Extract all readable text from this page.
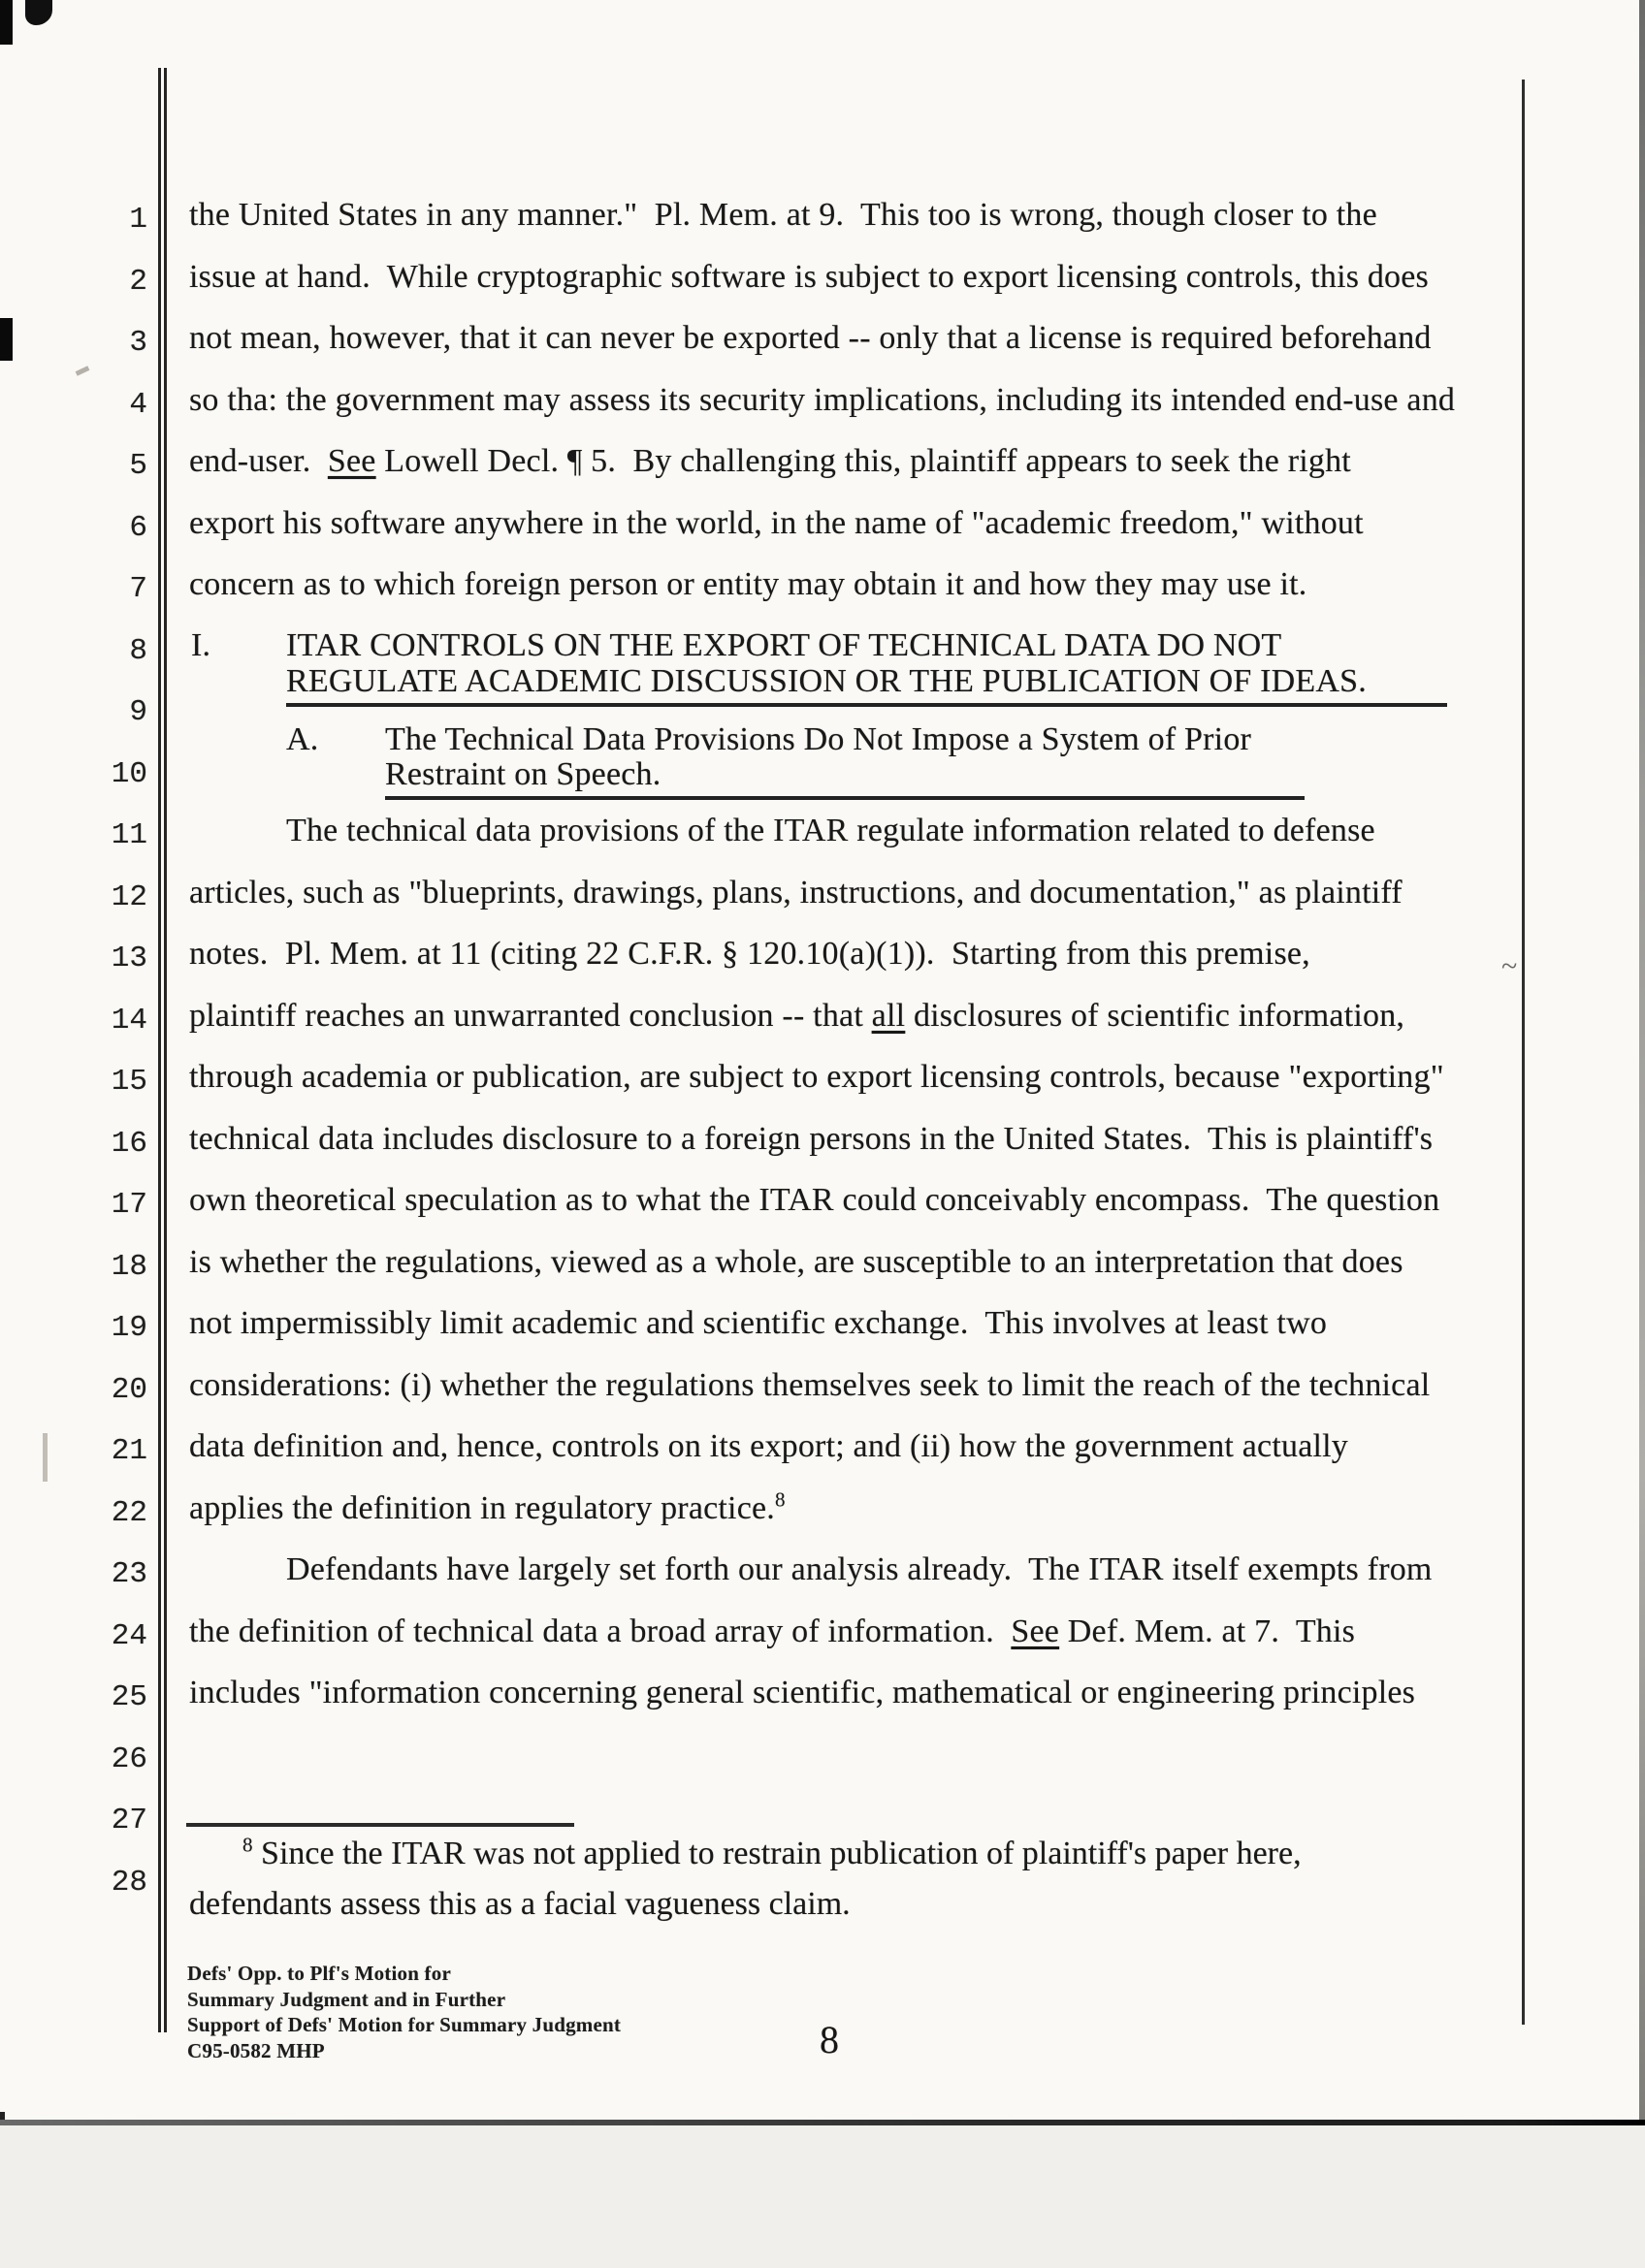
~
1
2
3
4
5
6
7
8
9
10
11
12
13
14
15
16
17
18
19
20
21
22
23
24
25
26
27
28
the United States in any manner."  Pl. Mem. at 9.  This too is wrong, though closer to the
issue at hand.  While cryptographic software is subject to export licensing controls, this does
not mean, however, that it can never be exported -- only that a license is required beforehand
so tha: the government may assess its security implications, including its intended end-use and
end-user.  See Lowell Decl. ¶ 5.  By challenging this, plaintiff appears to seek the right
export his software anywhere in the world, in the name of "academic freedom," without
concern as to which foreign person or entity may obtain it and how they may use it.
The technical data provisions of the ITAR regulate information related to defense
articles, such as "blueprints, drawings, plans, instructions, and documentation," as plaintiff
notes.  Pl. Mem. at 11 (citing 22 C.F.R. § 120.10(a)(1)).  Starting from this premise,
plaintiff reaches an unwarranted conclusion -- that all disclosures of scientific information,
through academia or publication, are subject to export licensing controls, because "exporting"
technical data includes disclosure to a foreign persons in the United States.  This is plaintiff's
own theoretical speculation as to what the ITAR could conceivably encompass.  The question
is whether the regulations, viewed as a whole, are susceptible to an interpretation that does
not impermissibly limit academic and scientific exchange.  This involves at least two
considerations: (i) whether the regulations themselves seek to limit the reach of the technical
data definition and, hence, controls on its export; and (ii) how the government actually
applies the definition in regulatory practice.$^8$
Defendants have largely set forth our analysis already.  The ITAR itself exempts from
the definition of technical data a broad array of information.  See Def. Mem. at 7.  This
includes "information concerning general scientific, mathematical or engineering principles
I. ITAR CONTROLS ON THE EXPORT OF TECHNICAL DATA DO NOT
REGULATE ACADEMIC DISCUSSION OR THE PUBLICATION OF IDEAS.
A. The Technical Data Provisions Do Not Impose a System of Prior
Restraint on Speech.
$^8$ Since the ITAR was not applied to restrain publication of plaintiff's paper here,
defendants assess this as a facial vagueness claim.
Defs' Opp. to Plf's Motion for
Summary Judgment and in Further
Support of Defs' Motion for Summary Judgment
C95-0582 MHP	8
